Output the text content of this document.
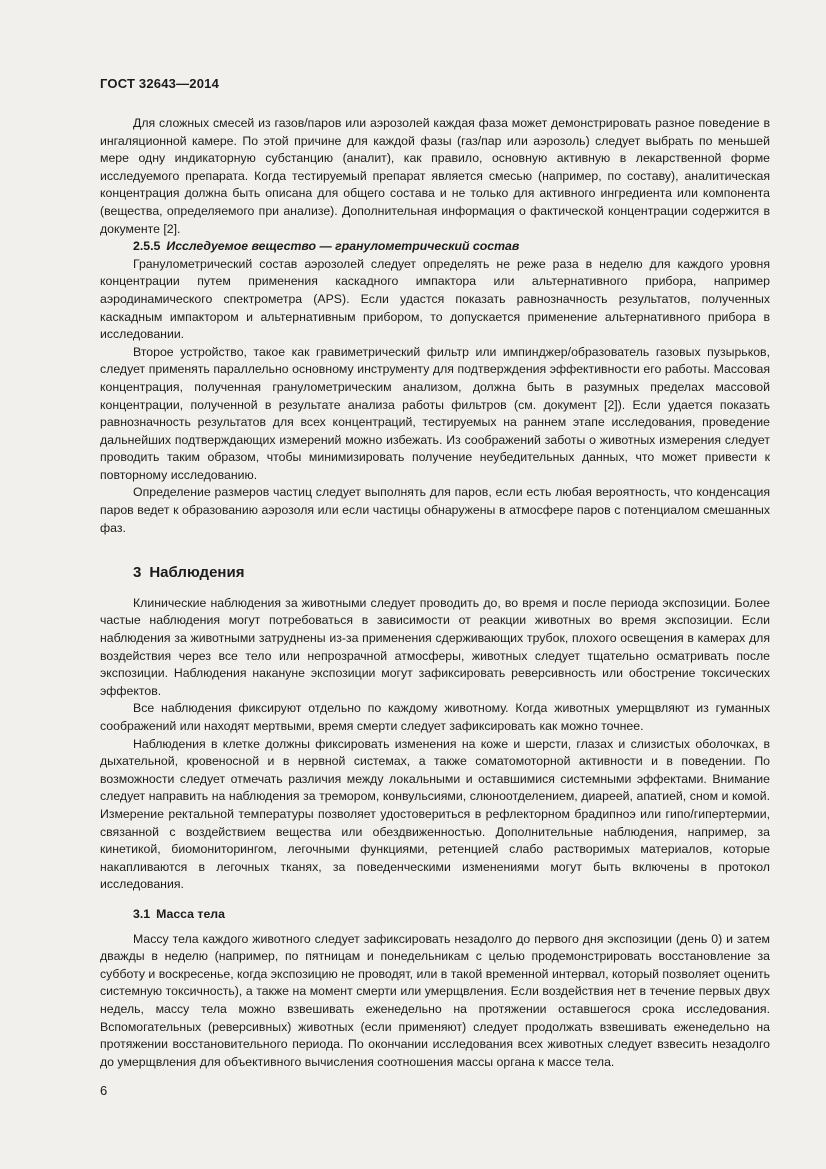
ГОСТ 32643—2014

Для сложных смесей из газов/паров или аэрозолей каждая фаза может демонстрировать разное поведение в ингаляционной камере. По этой причине для каждой фазы (газ/пар или аэрозоль) следует выбрать по меньшей мере одну индикаторную субстанцию (аналит), как правило, основную активную в лекарственной форме исследуемого препарата. Когда тестируемый препарат является смесью (например, по составу), аналитическая концентрация должна быть описана для общего состава и не только для активного ингредиента или компонента (вещества, определяемого при анализе). Дополнительная информация о фактической концентрации содержится в документе [2].

2.5.5 Исследуемое вещество — гранулометрический состав

Гранулометрический состав аэрозолей следует определять не реже раза в неделю для каждого уровня концентрации путем применения каскадного импактора или альтернативного прибора, например аэродинамического спектрометра (APS). Если удастся показать равнозначность результатов, полученных каскадным импактором и альтернативным прибором, то допускается применение альтернативного прибора в исследовании.

Второе устройство, такое как гравиметрический фильтр или импинджер/образователь газовых пузырьков, следует применять параллельно основному инструменту для подтверждения эффективности его работы. Массовая концентрация, полученная гранулометрическим анализом, должна быть в разумных пределах массовой концентрации, полученной в результате анализа работы фильтров (см. документ [2]). Если удается показать равнозначность результатов для всех концентраций, тестируемых на раннем этапе исследования, проведение дальнейших подтверждающих измерений можно избежать. Из соображений заботы о животных измерения следует проводить таким образом, чтобы минимизировать получение неубедительных данных, что может привести к повторному исследованию.

Определение размеров частиц следует выполнять для паров, если есть любая вероятность, что конденсация паров ведет к образованию аэрозоля или если частицы обнаружены в атмосфере паров с потенциалом смешанных фаз.

3 Наблюдения

Клинические наблюдения за животными следует проводить до, во время и после периода экспозиции. Более частые наблюдения могут потребоваться в зависимости от реакции животных во время экспозиции. Если наблюдения за животными затруднены из-за применения сдерживающих трубок, плохого освещения в камерах для воздействия через все тело или непрозрачной атмосферы, животных следует тщательно осматривать после экспозиции. Наблюдения накануне экспозиции могут зафиксировать реверсивность или обострение токсических эффектов.

Все наблюдения фиксируют отдельно по каждому животному. Когда животных умерщвляют из гуманных соображений или находят мертвыми, время смерти следует зафиксировать как можно точнее.

Наблюдения в клетке должны фиксировать изменения на коже и шерсти, глазах и слизистых оболочках, в дыхательной, кровеносной и в нервной системах, а также соматомоторной активности и в поведении. По возможности следует отмечать различия между локальными и оставшимися системными эффектами. Внимание следует направить на наблюдения за тремором, конвульсиями, слюноотделением, диареей, апатией, сном и комой. Измерение ректальной температуры позволяет удостовериться в рефлекторном брадипноэ или гипо/гипертермии, связанной с воздействием вещества или обездвиженностью. Дополнительные наблюдения, например, за кинетикой, биомониторингом, легочными функциями, ретенцией слабо растворимых материалов, которые накапливаются в легочных тканях, за поведенческими изменениями могут быть включены в протокол исследования.

3.1 Масса тела

Массу тела каждого животного следует зафиксировать незадолго до первого дня экспозиции (день 0) и затем дважды в неделю (например, по пятницам и понедельникам с целью продемонстрировать восстановление за субботу и воскресенье, когда экспозицию не проводят, или в такой временной интервал, который позволяет оценить системную токсичность), а также на момент смерти или умерщвления. Если воздействия нет в течение первых двух недель, массу тела можно взвешивать еженедельно на протяжении оставшегося срока исследования. Вспомогательных (реверсивных) животных (если применяют) следует продолжать взвешивать еженедельно на протяжении восстановительного периода. По окончании исследования всех животных следует взвесить незадолго до умерщвления для объективного вычисления соотношения массы органа к массе тела.

6
